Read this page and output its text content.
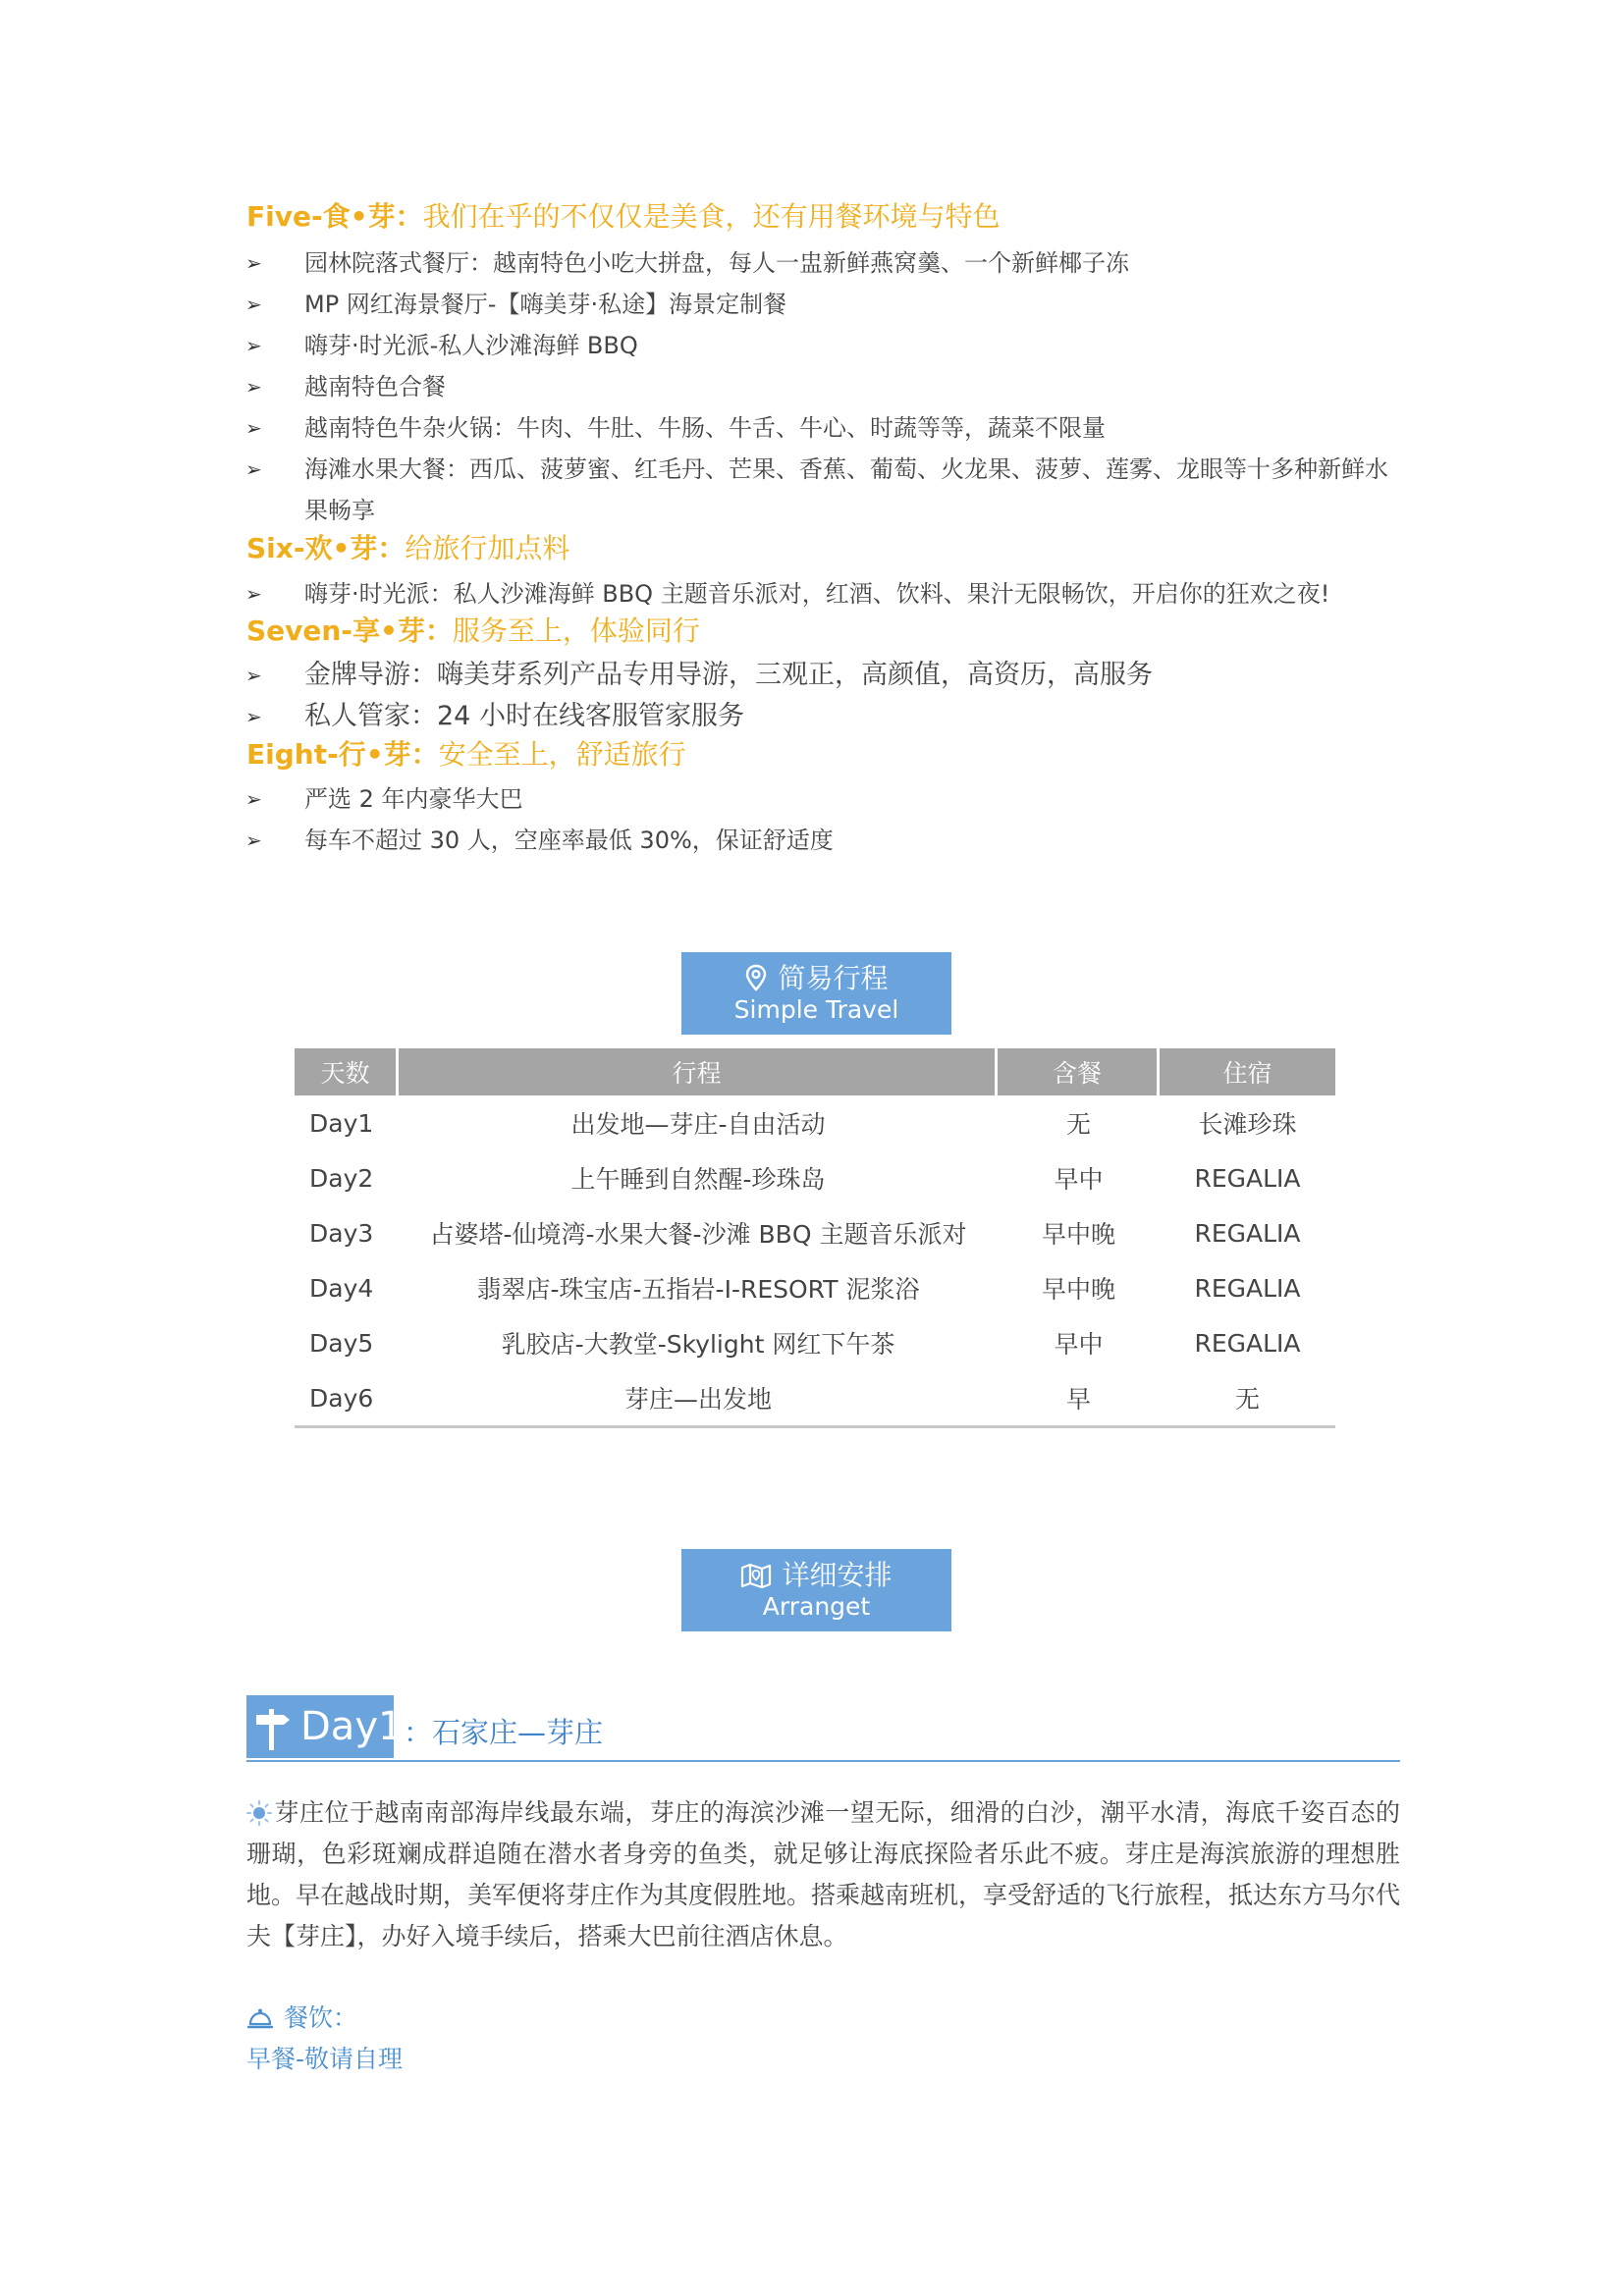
Five-食•芽：我们在乎的不仅仅是美食，还有用餐环境与特色
➢	园林院落式餐厅：越南特色小吃大拼盘，每人一盅新鲜燕窝羹、一个新鲜椰子冻
➢	MP 网红海景餐厅-【嗨美芽·私途】海景定制餐
➢	嗨芽·时光派-私人沙滩海鲜 BBQ
➢	越南特色合餐
➢	越南特色牛杂火锅：牛肉、牛肚、牛肠、牛舌、牛心、时蔬等等，蔬菜不限量
➢	海滩水果大餐：西瓜、菠萝蜜、红毛丹、芒果、香蕉、葡萄、火龙果、菠萝、莲雾、龙眼等十多种新鲜水果畅享
Six-欢•芽：给旅行加点料
➢	嗨芽·时光派：私人沙滩海鲜 BBQ 主题音乐派对，红酒、饮料、果汁无限畅饮，开启你的狂欢之夜!
Seven-享•芽：服务至上，体验同行
➢	金牌导游：嗨美芽系列产品专用导游，三观正，高颜值，高资历，高服务
➢	私人管家：24 小时在线客服管家服务
Eight-行•芽：安全至上，舒适旅行
➢	严选 2 年内豪华大巴
➢	每车不超过 30 人，空座率最低 30%，保证舒适度
简易行程
Simple Travel
天数	行程	含餐	住宿
Day1	出发地—芽庄-自由活动	无	长滩珍珠
Day2	上午睡到自然醒-珍珠岛	早中	REGALIA
Day3	占婆塔-仙境湾-水果大餐-沙滩 BBQ 主题音乐派对	早中晚	REGALIA
Day4	翡翠店-珠宝店-五指岩-I-RESORT 泥浆浴	早中晚	REGALIA
Day5	乳胶店-大教堂-Skylight 网红下午茶	早中	REGALIA
Day6	芽庄—出发地	早	无
详细安排
Arranget
Day1 ：石家庄—芽庄
芽庄位于越南南部海岸线最东端，芽庄的海滨沙滩一望无际，细滑的白沙，潮平水清，海底千姿百态的珊瑚，色彩斑斓成群追随在潜水者身旁的鱼类，就足够让海底探险者乐此不疲。芽庄是海滨旅游的理想胜地。早在越战时期，美军便将芽庄作为其度假胜地。搭乘越南班机，享受舒适的飞行旅程，抵达东方马尔代夫【芽庄】，办好入境手续后，搭乘大巴前往酒店休息。
餐饮：
早餐-敬请自理
